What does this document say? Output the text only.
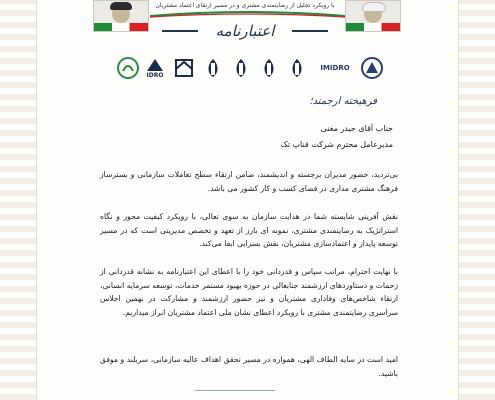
با رویکرد تجلیل از رضایتمندی مشتری و در مسیر ارتقای اعتماد مشتریان
اعتبارنامه
IDRO
IMIDRO
فرهیخته ارجمند؛
جناب آقای حیدر مغنی
مدیرعامل محترم شرکت فناپ تک
بی‌تردید، حضور مدیران برجسته و اندیشمند، ضامن ارتقاء سطح تعاملات سازمانی و بسترساز فرهنگ مشتری مداری در فضای کسب و کار کشور می باشد.
نقش آفرینی شایسته شما در هدایت سازمان به سوی تعالی، با رویکرد کیفیت محور و نگاه استراتژیک به رضایتمندی مشتری، نمونه ای بارز از تعهد و تخصص مدیریتی است که در مسیر توسعه پایدار و اعتمادسازی مشتریان، نقش بسزایی ایفا می‌کند.
با نهایت احترام، مراتب سپاس و قدردانی خود را با اعطای این اعتبارنامه به نشانه قدردانی از زحمات و دستاوردهای ارزشمند جنابعالی در حوزه بهبود مستمر خدمات، توسعه سرمایه انسانی، ارتقاء شاخص‌های وفاداری مشتریان و نیز حضور ارزشمند و مشارکت در نهمین اجلاس سراسری رضایتمندی مشتری با رویکرد اعطای نشان ملی اعتماد مشتریان ابراز میداریم.
امید است در سایه الطاف الهی، همواره در مسیر تحقق اهداف عالیه سازمانی، سربلند و موفق باشید.
